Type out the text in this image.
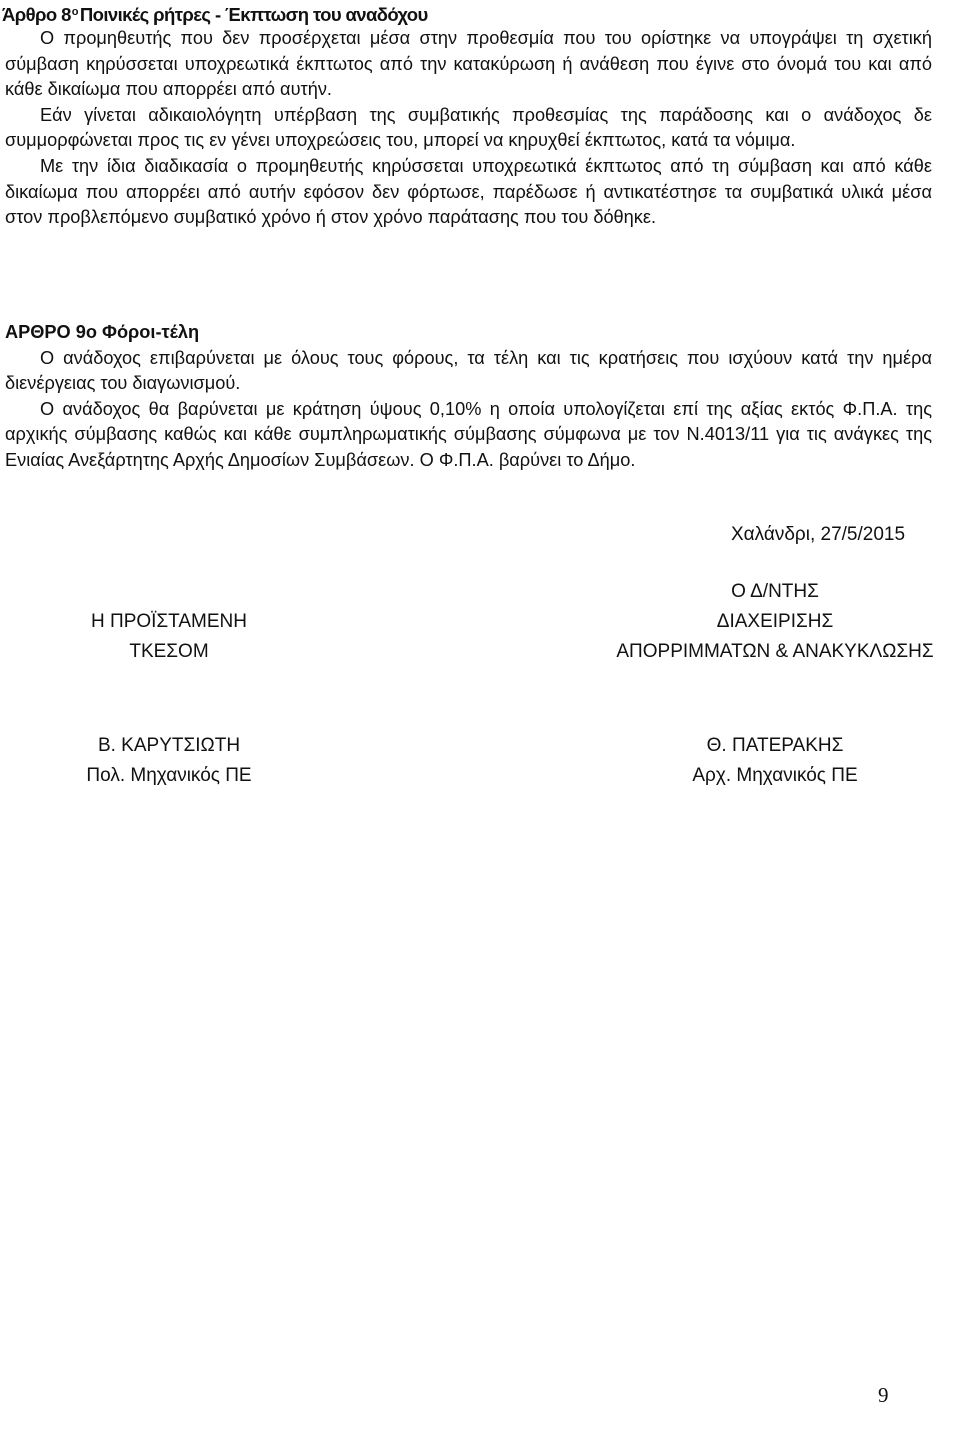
Άρθρο $8^o$ Ποινικές ρήτρες - Έκπτωση του αναδόχου

Ο προμηθευτής που δεν προσέρχεται μέσα στην προθεσμία που του ορίστηκε να υπογράψει τη σχετική σύμβαση κηρύσσεται υποχρεωτικά έκπτωτος από την κατακύρωση ή ανάθεση που έγινε στο όνομά του και από κάθε δικαίωμα που απορρέει από αυτήν.

Εάν γίνεται αδικαιολόγητη υπέρβαση της συμβατικής προθεσμίας της παράδοσης και ο ανάδοχος δε συμμορφώνεται προς τις εν γένει υποχρεώσεις του, μπορεί να κηρυχθεί έκπτωτος, κατά τα νόμιμα.

Με την ίδια διαδικασία ο προμηθευτής κηρύσσεται υποχρεωτικά έκπτωτος από τη σύμβαση και από κάθε δικαίωμα που απορρέει από αυτήν εφόσον δεν φόρτωσε, παρέδωσε ή αντικατέστησε τα συμβατικά υλικά μέσα στον προβλεπόμενο συμβατικό χρόνο ή στον χρόνο παράτασης που του δόθηκε.

ΑΡΘΡΟ 9ο Φόροι-τέλη

Ο ανάδοχος επιβαρύνεται με όλους τους φόρους, τα τέλη και τις κρατήσεις που ισχύουν κατά την ημέρα διενέργειας του διαγωνισμού.

Ο ανάδοχος θα βαρύνεται με κράτηση ύψους 0,10% η οποία υπολογίζεται επί της αξίας εκτός Φ.Π.Α. της αρχικής σύμβασης καθώς και κάθε συμπληρωματικής σύμβασης σύμφωνα με τον Ν.4013/11 για τις ανάγκες της Ενιαίας Ανεξάρτητης Αρχής Δημοσίων Συμβάσεων. Ο Φ.Π.Α. βαρύνει το Δήμο.

Χαλάνδρι, 27/5/2015
Η ΠΡΟΪΣΤΑΜΕΝΗ
ΤΚΕΣΟΜ
Ο Δ/ΝΤΗΣ
ΔΙΑΧΕΙΡΙΣΗΣ
ΑΠΟΡΡΙΜΜΑΤΩΝ & ΑΝΑΚΥΚΛΩΣΗΣ
Β. ΚΑΡΥΤΣΙΩΤΗ
Πολ. Μηχανικός ΠΕ
Θ. ΠΑΤΕΡΑΚΗΣ
Αρχ. Μηχανικός ΠΕ
9
